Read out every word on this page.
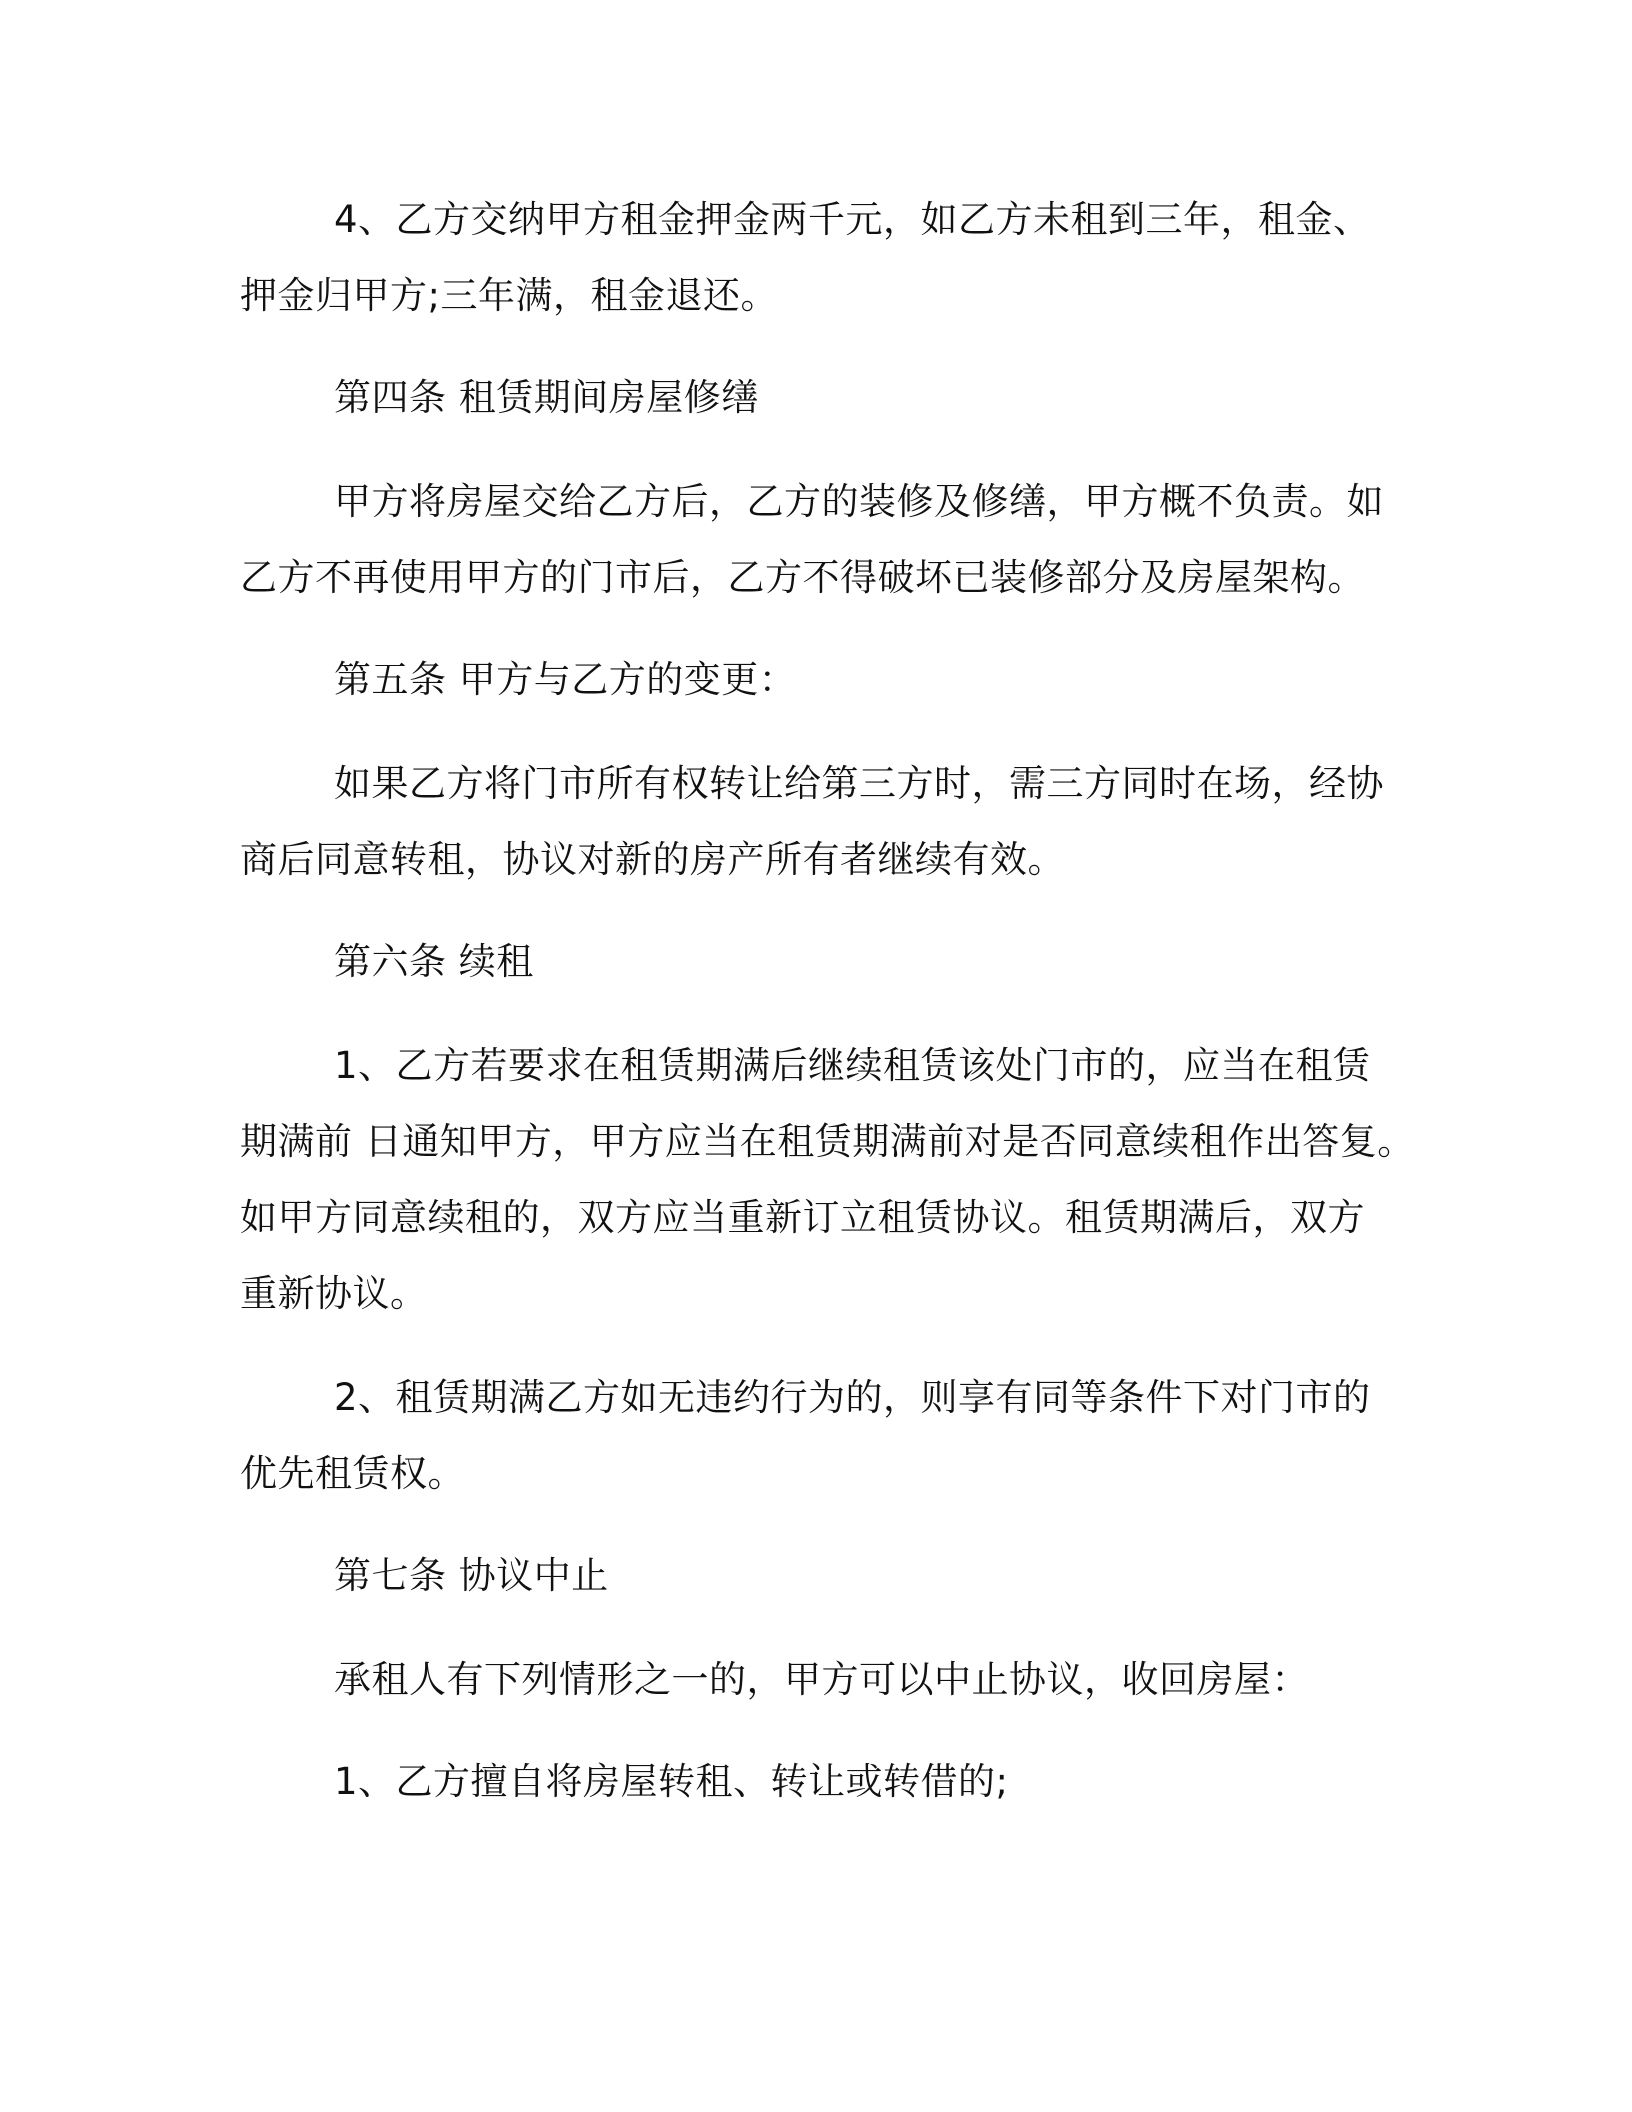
4、乙方交纳甲方租金押金两千元，如乙方未租到三年，租金、
押金归甲方;三年满，租金退还。
第四条 租赁期间房屋修缮
甲方将房屋交给乙方后，乙方的装修及修缮，甲方概不负责。如
乙方不再使用甲方的门市后，乙方不得破坏已装修部分及房屋架构。
第五条 甲方与乙方的变更：
如果乙方将门市所有权转让给第三方时，需三方同时在场，经协
商后同意转租，协议对新的房产所有者继续有效。
第六条 续租
1、乙方若要求在租赁期满后继续租赁该处门市的，应当在租赁
期满前 日通知甲方，甲方应当在租赁期满前对是否同意续租作出答复。
如甲方同意续租的，双方应当重新订立租赁协议。租赁期满后，双方
重新协议。
2、租赁期满乙方如无违约行为的，则享有同等条件下对门市的
优先租赁权。
第七条 协议中止
承租人有下列情形之一的，甲方可以中止协议，收回房屋：
1、乙方擅自将房屋转租、转让或转借的;
